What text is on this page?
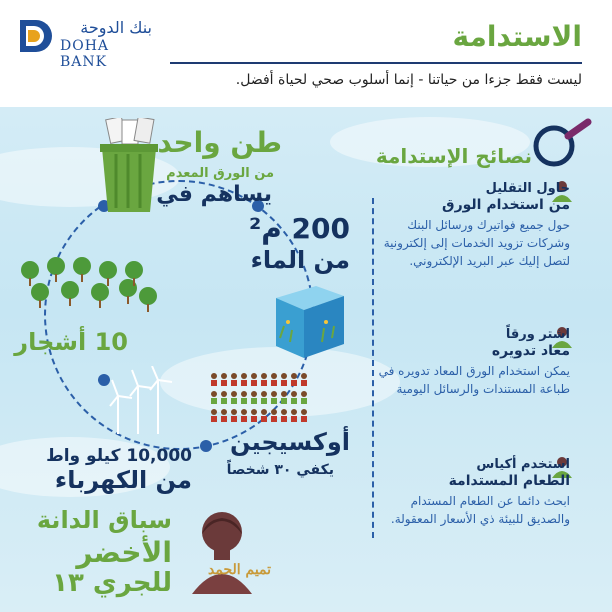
بنك الدوحة
DOHA BANK
الاستدامة
ليست فقط جزءا من حياتنا - إنما أسلوب صحي لحياة أفضل.
طن واحد
من الورق المعدم
يساهم في
200 م²
من الماء
10 أشجار
أوكسيجين
يكفي ٣٠ شخصاً
10,000 كيلو واط
من الكهرباء
سباق الدانة
الأخضر
للجري ١٣	تميم الحمد
نصائح الإستدامة
حاول التقليل
من استخدام الورق
حول جميع فواتيرك ورسائل البنك وشركات تزويد الخدمات إلى إلكترونية لتصل إليك عبر البريد الإلكتروني.
اشتر ورقاً
معاد تدويره
يمكن استخدام الورق المعاد تدويره في طباعة المستندات والرسائل اليومية
استخدم أكياس
الطعام المستدامة
ابحث دائما عن الطعام المستدام والصديق للبيئة ذي الأسعار المعقولة.
